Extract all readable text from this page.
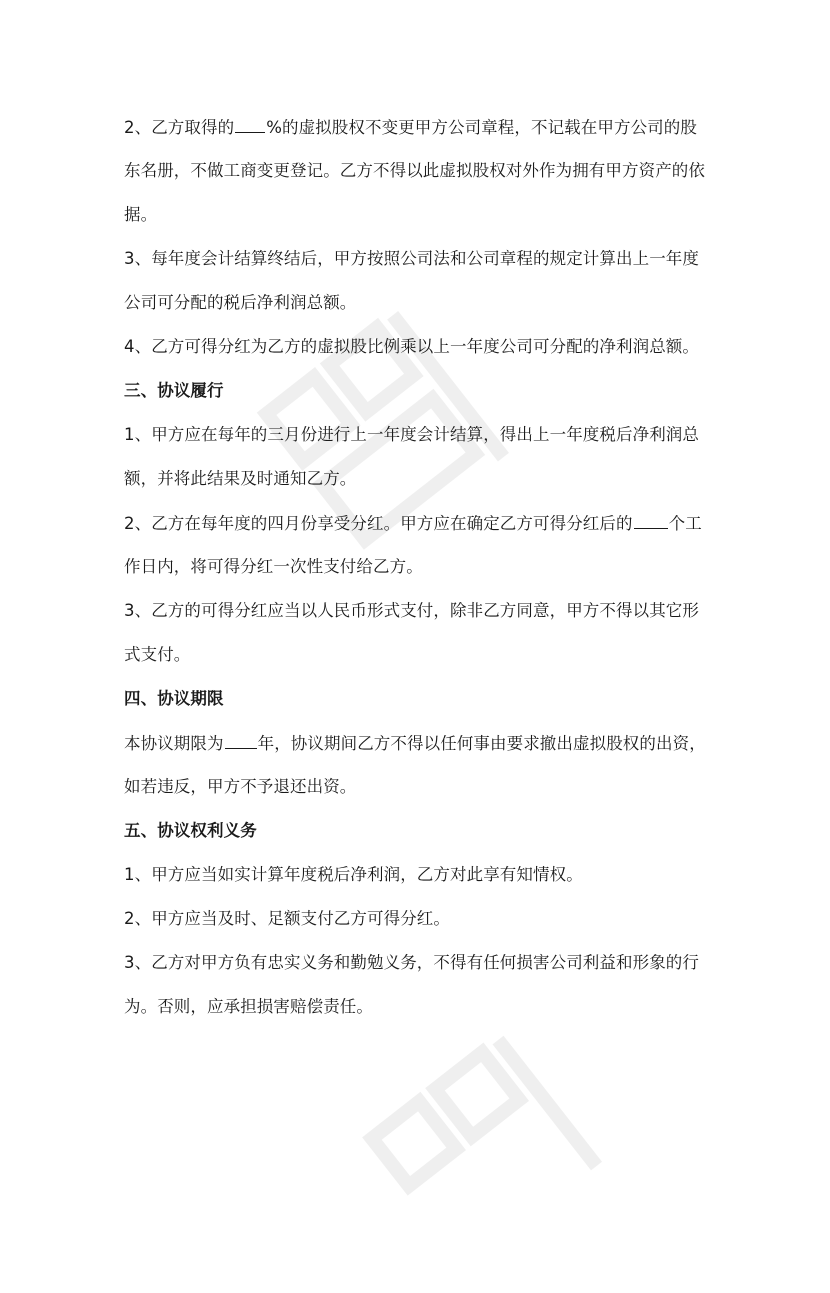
2、乙方取得的 %的虚拟股权不变更甲方公司章程，不记载在甲方公司的股
东名册，不做工商变更登记。乙方不得以此虚拟股权对外作为拥有甲方资产的依
据。
3、每年度会计结算终结后，甲方按照公司法和公司章程的规定计算出上一年度
公司可分配的税后净利润总额。
4、乙方可得分红为乙方的虚拟股比例乘以上一年度公司可分配的净利润总额。
三、协议履行
1、甲方应在每年的三月份进行上一年度会计结算，得出上一年度税后净利润总
额，并将此结果及时通知乙方。
2、乙方在每年度的四月份享受分红。甲方应在确定乙方可得分红后的 个工
作日内，将可得分红一次性支付给乙方。
3、乙方的可得分红应当以人民币形式支付，除非乙方同意，甲方不得以其它形
式支付。
四、协议期限
本协议期限为 年，协议期间乙方不得以任何事由要求撤出虚拟股权的出资，
如若违反，甲方不予退还出资。
五、协议权利义务
1、甲方应当如实计算年度税后净利润，乙方对此享有知情权。
2、甲方应当及时、足额支付乙方可得分红。
3、乙方对甲方负有忠实义务和勤勉义务，不得有任何损害公司利益和形象的行
为。否则，应承担损害赔偿责任。
